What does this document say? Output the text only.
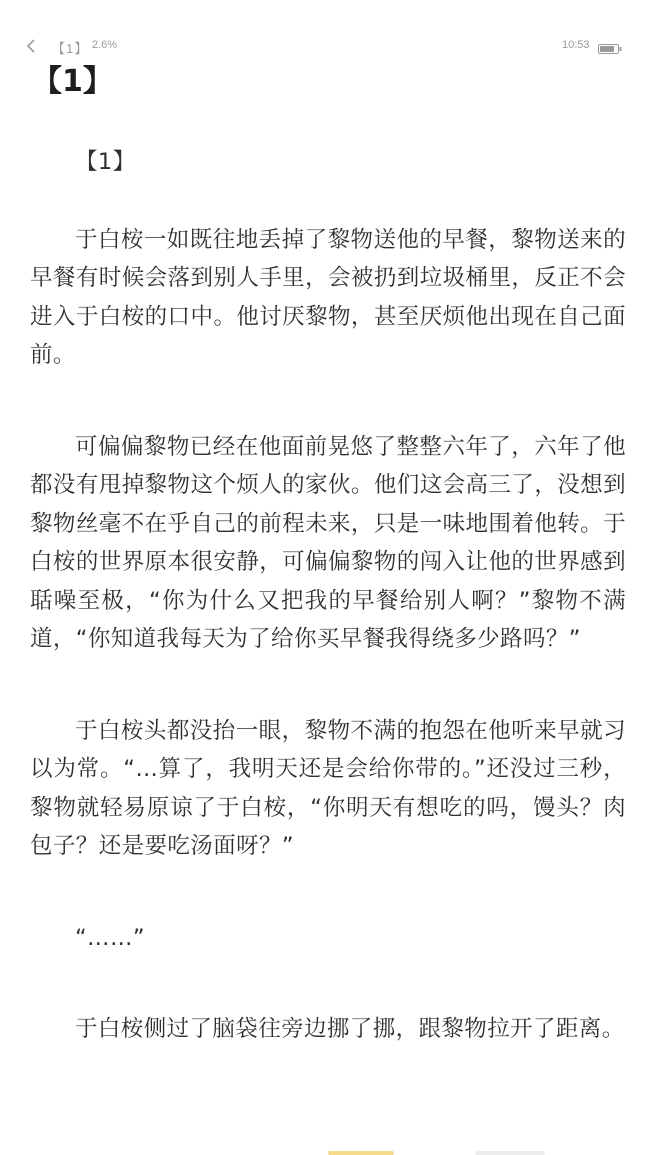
【1】 2.6%	10:53
【1】

【1】

于白桉一如既往地丢掉了黎物送他的早餐，黎物送来的早餐有时候会落到别人手里，会被扔到垃圾桶里，反正不会进入于白桉的口中。他讨厌黎物，甚至厌烦他出现在自己面前。

可偏偏黎物已经在他面前晃悠了整整六年了，六年了他都没有甩掉黎物这个烦人的家伙。他们这会高三了，没想到黎物丝毫不在乎自己的前程未来，只是一味地围着他转。于白桉的世界原本很安静，可偏偏黎物的闯入让他的世界感到聒噪至极，“你为什么又把我的早餐给别人啊？”黎物不满道，“你知道我每天为了给你买早餐我得绕多少路吗？”

于白桉头都没抬一眼，黎物不满的抱怨在他听来早就习以为常。“…算了，我明天还是会给你带的。”还没过三秒，黎物就轻易原谅了于白桉，“你明天有想吃的吗，馒头？肉包子？还是要吃汤面呀？”

“……”

于白桉侧过了脑袋往旁边挪了挪，跟黎物拉开了距离。
